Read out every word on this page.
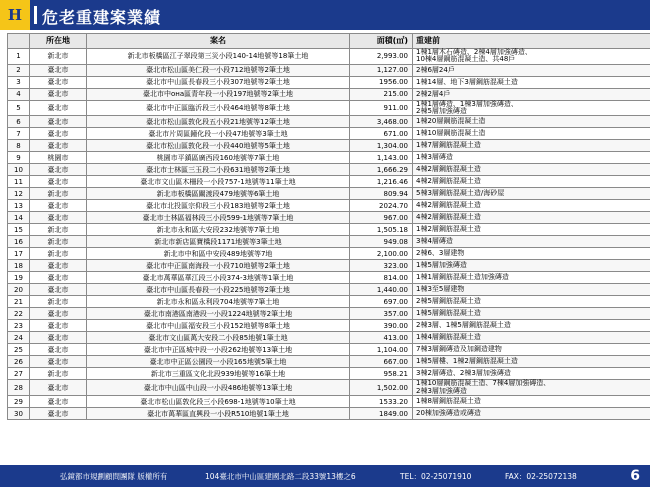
H 危老重建案業績
	所在地	案名	面積(㎡)	重建前
1	新北市	新北市板橋區江子翠段第三災小段140-14地號等18筆土地	2,993.00	1棟1層木石磚造、2棟4層加強磚造、
10棟4層鋼筋混凝土造、共48戶

2	臺北市	臺北市松山區美仁段一小段712地號等2筆土地	1,127.00	2棟6層24戶

3	臺北市	臺北市中山區長春段三小段307地號等2筆土地	1956.00	1棟14層、地下3層鋼筋混凝土造

4	臺北市	臺北市中она區青年段一小段197地號等2筆土地	215.00	2棟2層4戶

5	臺北市	臺北市中正區臨沂段三小段464地號等8筆土地	911.00	1棟1層磚造、1棟3層加強磚造、
2棟5層加強磚造

6	臺北市	臺北市松山區敦化段五小段21地號等12筆土地	3,468.00	1棟20層鋼筋混凝土造

7	臺北市	臺北市片周區鐘化段一小段47地號等3筆土地	671.00	1棟10層鋼筋混凝土造

8	臺北市	臺北市松山區敦化段一小段440地號等5筆土地	1,304.00	1棟7層鋼筋混凝土造

9	桃園市	桃園市平鎮區廣西段160地號等7筆土地	1,143.00	1棟3層磚造

10	臺北市	臺北市士林區三玉段二小段631地號等2筆土地	1,666.29	4棟2層鋼筋混凝土造

11	臺北市	臺北市文山區木柵段一小段757-1地號等11筆土地	1,216.46	4棟2層鋼筋混凝土造

12	新北市	新北市板橋區關渡段479地號等6筆土地	809.94	5棟3層鋼筋混凝土造/海砂屋

13	臺北市	臺北市北投區宗仰段三小段183地號等2筆土地	2024.70	4棟2層鋼筋混凝土造

14	臺北市	臺北市士林區福林段三小段599-1地號等7筆土地	967.00	4棟2層鋼筋混凝土造

15	新北市	新北市永和區大安段232地號等7筆土地	1,505.18	1棟2層鋼筋混凝土造

16	新北市	新北市新店區寶橋段1171地號等3筆土地	949.08	3棟4層磚造

17	新北市	新北市中和區中安段489地號等7地	2,100.00	2棟6、3層建物

18	臺北市	臺北市中正區南海段一小段710地號等2筆土地	323.00	1棟5層加強磚造

19	臺北市	臺北市萬華區華江段三小段374-3地號等1筆土地	814.00	1棟1層鋼筋混凝土造加強磚造

20	臺北市	臺北市中山區長春段一小段225地號等2筆土地	1,440.00	1棟3至5層建物

21	新北市	新北市永和區永利段704地號等7筆土地	697.00	2棟5層鋼筋混凝土造

22	臺北市	臺北市南港區南港段一小段1224地號等2筆土地	357.00	1棟5層鋼筋混凝土造

23	臺北市	臺北市中山區福安段三小段152地號等8筆土地	390.00	2棟3層、1棟5層鋼筋混凝土造

24	臺北市	臺北市文山區萬大安段二小段85地號1筆土地	413.00	1棟4層鋼筋混凝土造

25	臺北市	臺北市中正區城中段一小段262地號等13筆土地	1,104.00	7棟3層鋼磚造及加鋼造建物

26	臺北市	臺北市中正區公園段一小段165地號5筆土地	667.00	1棟5層樓、1棟2層鋼筋混凝土造

27	新北市	新北市三重區文化北段939地號等16筆土地	958.21	3棟2層磚造、2棟3層加強磚造

28	臺北市	臺北市中山區中山段一小段486地號等13筆土地	1,502.00	1棟10層鋼筋混凝土造、7棟4層加強磚造、
2棟3層加強磚造

29	臺北市	臺北市松山區敦化段三小段698-1地號等10筆土地	1533.20	1棟8層鋼筋混凝土造

30	臺北市	臺北市萬華區直興段一小段R510地號1筆土地	1849.00	20棟加強磚造或磚造
弘鏡都市規劃顧問團隊 版權所有	104臺北市中山區建國北路二段33號13樓之6	TEL：02-25071910	FAX：02-25072138	6
